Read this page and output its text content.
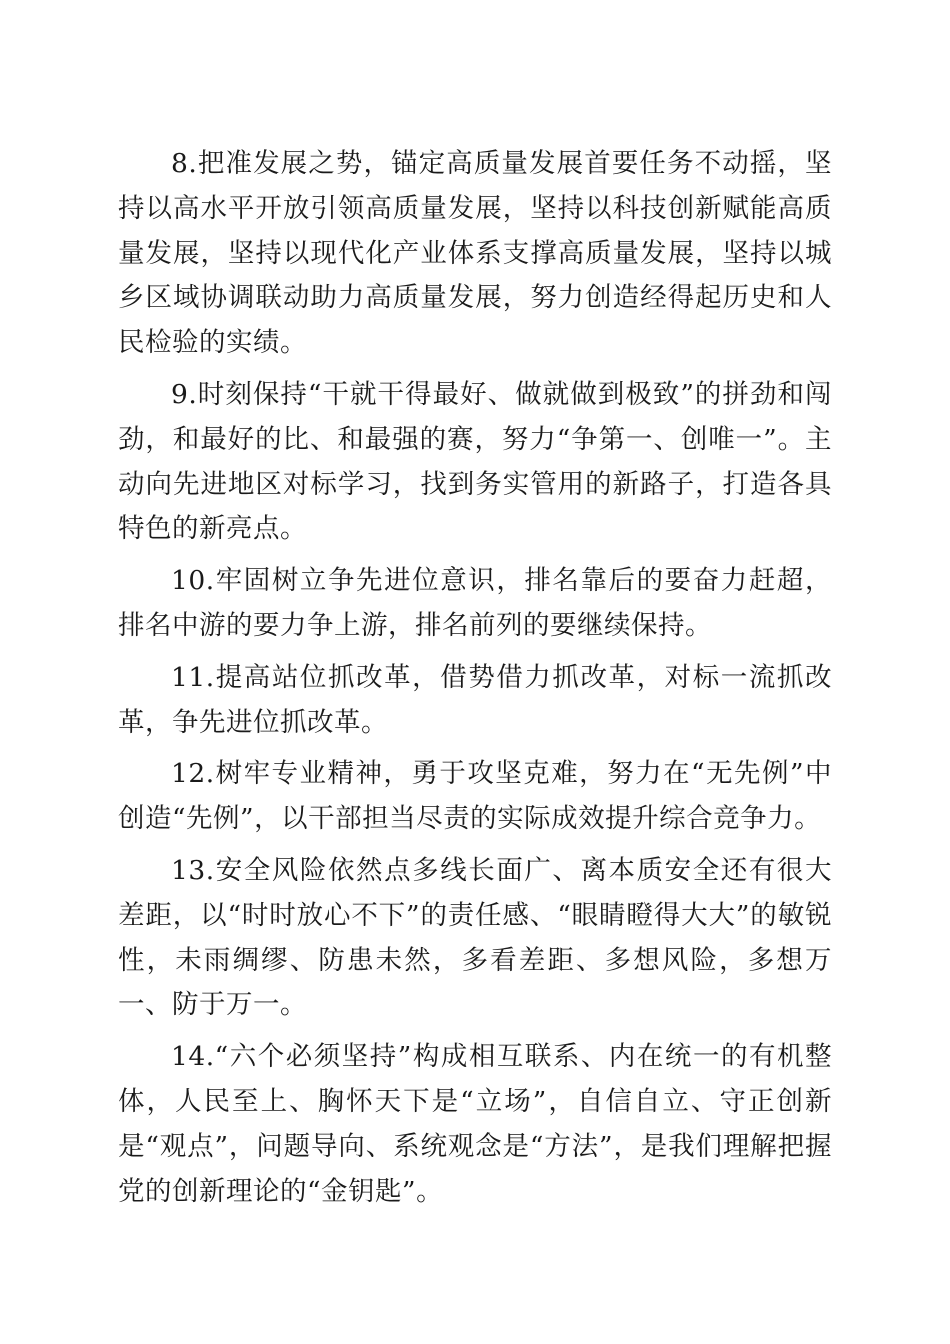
8.把准发展之势，锚定高质量发展首要任务不动摇，坚持以高水平开放引领高质量发展，坚持以科技创新赋能高质量发展，坚持以现代化产业体系支撑高质量发展，坚持以城乡区域协调联动助力高质量发展，努力创造经得起历史和人民检验的实绩。

9.时刻保持“干就干得最好、做就做到极致”的拼劲和闯劲，和最好的比、和最强的赛，努力“争第一、创唯一”。主动向先进地区对标学习，找到务实管用的新路子，打造各具特色的新亮点。

10.牢固树立争先进位意识，排名靠后的要奋力赶超，排名中游的要力争上游，排名前列的要继续保持。

11.提高站位抓改革，借势借力抓改革，对标一流抓改革，争先进位抓改革。

12.树牢专业精神，勇于攻坚克难，努力在“无先例”中创造“先例”，以干部担当尽责的实际成效提升综合竞争力。

13.安全风险依然点多线长面广、离本质安全还有很大差距，以“时时放心不下”的责任感、“眼睛瞪得大大”的敏锐性，未雨绸缪、防患未然，多看差距、多想风险，多想万一、防于万一。

14.“六个必须坚持”构成相互联系、内在统一的有机整体，人民至上、胸怀天下是“立场”，自信自立、守正创新是“观点”，问题导向、系统观念是“方法”，是我们理解把握党的创新理论的“金钥匙”。
